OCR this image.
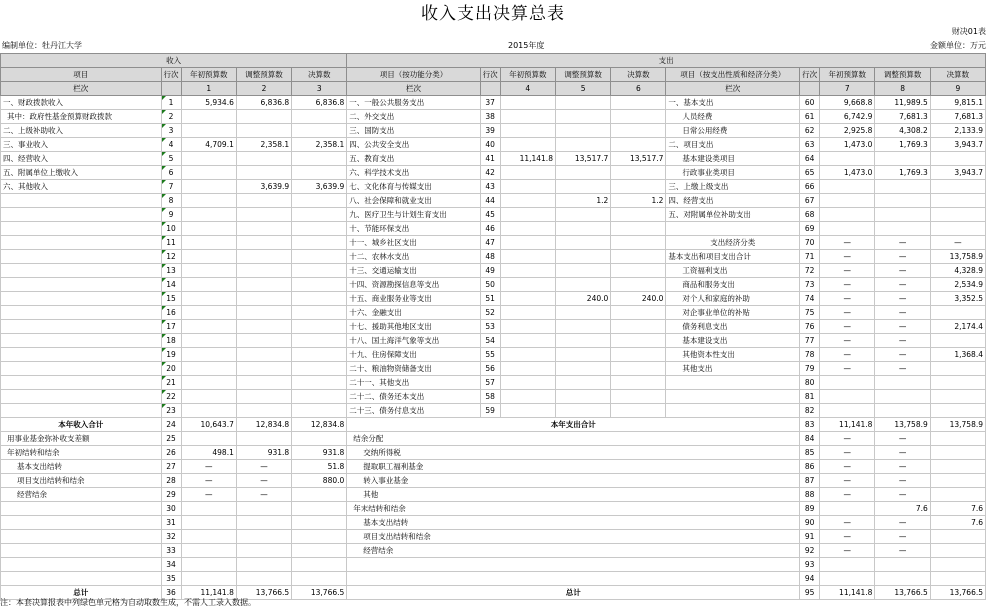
收入支出决算总表
财决01表
编制单位：牡丹江大学	2015年度	金额单位：万元
收入					支出									
项目	行次	年初预算数	调整预算数	决算数	项目（按功能分类）	行次	年初预算数	调整预算数	决算数	项目（按支出性质和经济分类）	行次	年初预算数	调整预算数	决算数
栏次		1	2	3	栏次		4	5	6	栏次		7	8	9
一、财政拨款收入	1	5,934.6	6,836.8	6,836.8	一、一般公共服务支出	37				一、基本支出	60	9,668.8	11,989.5	9,815.1
其中：政府性基金预算财政拨款	2				二、外交支出	38				人员经费	61	6,742.9	7,681.3	7,681.3
二、上级补助收入	3				三、国防支出	39				日常公用经费	62	2,925.8	4,308.2	2,133.9
三、事业收入	4	4,709.1	2,358.1	2,358.1	四、公共安全支出	40				二、项目支出	63	1,473.0	1,769.3	3,943.7
四、经营收入	5				五、教育支出	41	11,141.8	13,517.7	13,517.7	基本建设类项目	64			
五、附属单位上缴收入	6				六、科学技术支出	42				行政事业类项目	65	1,473.0	1,769.3	3,943.7
六、其他收入	7		3,639.9	3,639.9	七、文化体育与传媒支出	43				三、上缴上级支出	66			
	8				八、社会保障和就业支出	44		1.2	1.2	四、经营支出	67			
	9				九、医疗卫生与计划生育支出	45				五、对附属单位补助支出	68			
	10				十、节能环保支出	46					69			
	11				十一、城乡社区支出	47				支出经济分类	70	—	—	—
	12				十二、农林水支出	48				基本支出和项目支出合计	71	—	—	13,758.9
	13				十三、交通运输支出	49				工资福利支出	72	—	—	4,328.9
	14				十四、资源勘探信息等支出	50				商品和服务支出	73	—	—	2,534.9
	15				十五、商业服务业等支出	51		240.0	240.0	对个人和家庭的补助	74	—	—	3,352.5
	16				十六、金融支出	52				对企事业单位的补贴	75	—	—	
	17				十七、援助其他地区支出	53				债务利息支出	76	—	—	2,174.4
	18				十八、国土海洋气象等支出	54				基本建设支出	77	—	—	
	19				十九、住房保障支出	55				其他资本性支出	78	—	—	1,368.4
	20				二十、粮油物资储备支出	56				其他支出	79	—	—	
	21				二十一、其他支出	57					80			
	22				二十二、债务还本支出	58					81			
	23				二十三、债务付息支出	59					82			
本年收入合计	24	10,643.7	12,834.8	12,834.8	本年支出合计						83	11,141.8	13,758.9	13,758.9
用事业基金弥补收支差额	25				结余分配						84	—	—	
年初结转和结余	26	498.1	931.8	931.8	交纳所得税						85	—	—	
基本支出结转	27	—	—	51.8	提取职工福利基金						86	—	—	
项目支出结转和结余	28	—	—	880.0	转入事业基金						87	—	—	
经营结余	29	—	—		其他						88	—	—	
	30				年末结转和结余						89		7.6	7.6
	31				基本支出结转						90	—	—	7.6
	32				项目支出结转和结余						91	—	—	
	33				经营结余						92	—	—	
	34										93			
	35										94			
总计	36	11,141.8	13,766.5	13,766.5	总计						95	11,141.8	13,766.5	13,766.5
注：本套决算报表中列绿色单元格为自动取数生成，不需人工录入数据。
